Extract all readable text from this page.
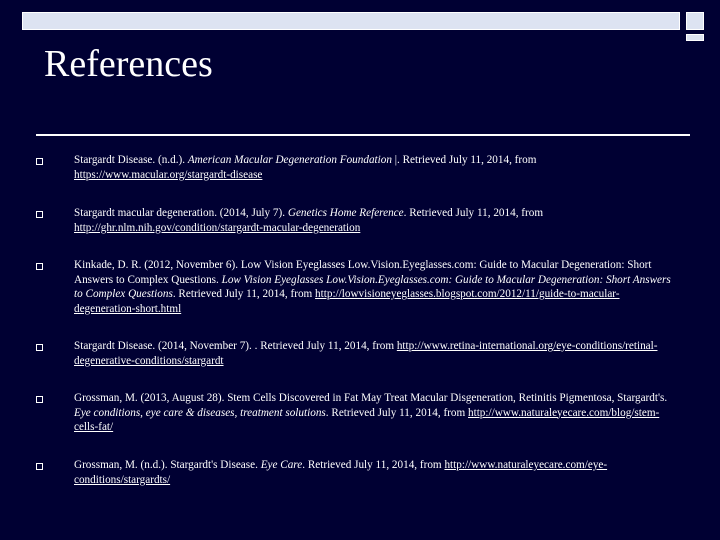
References
Stargardt Disease. (n.d.). American Macular Degeneration Foundation |. Retrieved July 11, 2014, from https://www.macular.org/stargardt-disease
Stargardt macular degeneration. (2014, July 7). Genetics Home Reference. Retrieved July 11, 2014, from http://ghr.nlm.nih.gov/condition/stargardt-macular-degeneration
Kinkade, D. R. (2012, November 6). Low Vision Eyeglasses Low.Vision.Eyeglasses.com: Guide to Macular Degeneration: Short Answers to Complex Questions. Low Vision Eyeglasses Low.Vision.Eyeglasses.com: Guide to Macular Degeneration: Short Answers to Complex Questions. Retrieved July 11, 2014, from http://lowvisioneyeglasses.blogspot.com/2012/11/guide-to-macular-degeneration-short.html
Stargardt Disease. (2014, November 7). . Retrieved July 11, 2014, from http://www.retina-international.org/eye-conditions/retinal-degenerative-conditions/stargardt
Grossman, M. (2013, August 28). Stem Cells Discovered in Fat May Treat Macular Disgeneration, Retinitis Pigmentosa, Stargardt's. Eye conditions, eye care & diseases, treatment solutions. Retrieved July 11, 2014, from http://www.naturaleyecare.com/blog/stem-cells-fat/
Grossman, M. (n.d.). Stargardt's Disease. Eye Care. Retrieved July 11, 2014, from http://www.naturaleyecare.com/eye-conditions/stargardts/
